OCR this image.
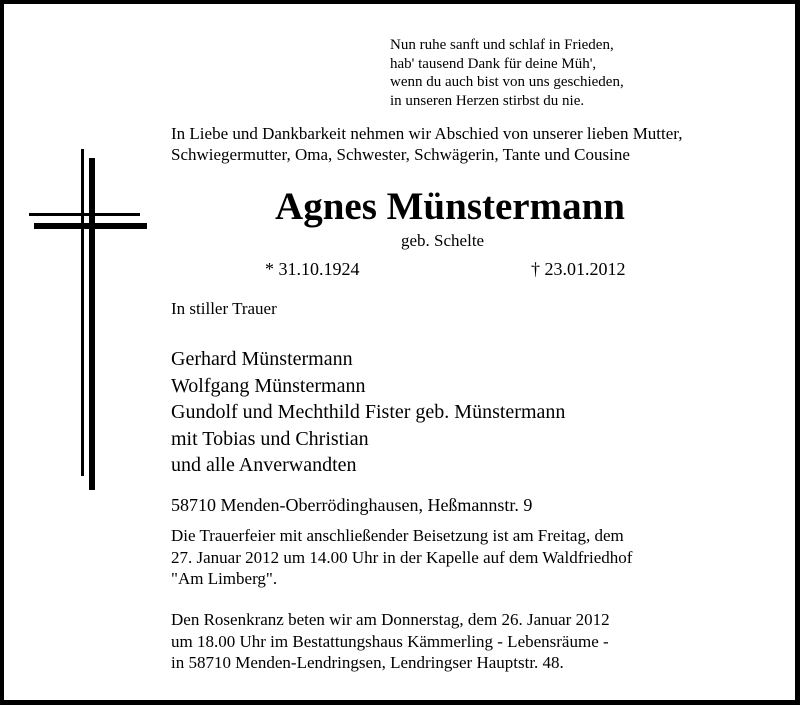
Nun ruhe sanft und schlaf in Frieden,
hab' tausend Dank für deine Müh',
wenn du auch bist von uns geschieden,
in unseren Herzen stirbst du nie.
In Liebe und Dankbarkeit nehmen wir Abschied von unserer lieben Mutter,
Schwiegermutter, Oma, Schwester, Schwägerin, Tante und Cousine
Agnes Münstermann
geb. Schelte
* 31.10.1924	† 23.01.2012
In stiller Trauer
Gerhard Münstermann
Wolfgang Münstermann
Gundolf und Mechthild Fister geb. Münstermann
mit Tobias und Christian
und alle Anverwandten
58710 Menden-Oberrödinghausen, Heßmannstr. 9
Die Trauerfeier mit anschließender Beisetzung ist am Freitag, dem
27. Januar 2012 um 14.00 Uhr in der Kapelle auf dem Waldfriedhof
"Am Limberg".
Den Rosenkranz beten wir am Donnerstag, dem 26. Januar 2012
um 18.00 Uhr im Bestattungshaus Kämmerling - Lebensräume -
in 58710 Menden-Lendringsen, Lendringser Hauptstr. 48.
